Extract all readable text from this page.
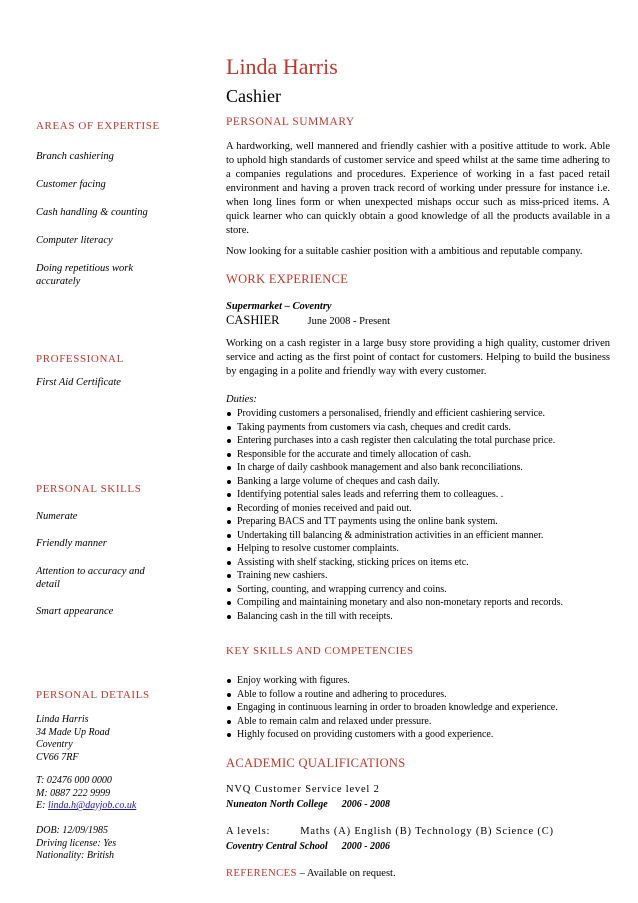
Linda Harris
Cashier
AREAS OF EXPERTISE
Branch cashiering
Customer facing
Cash handling & counting
Computer literacy
Doing repetitious work accurately
PROFESSIONAL
First Aid Certificate
PERSONAL SKILLS
Numerate
Friendly manner
Attention to accuracy and detail
Smart appearance
PERSONAL DETAILS
Linda Harris
34 Made Up Road
Coventry
CV66 7RF
T: 02476 000 0000
M: 0887 222 9999
E: linda.h@dayjob.co.uk
DOB: 12/09/1985
Driving license: Yes
Nationality: British
PERSONAL SUMMARY
A hardworking, well mannered and friendly cashier with a positive attitude to work. Able to uphold high standards of customer service and speed whilst at the same time adhering to a companies regulations and procedures. Experience of working in a fast paced retail environment and having a proven track record of working under pressure for instance i.e. when long lines form or when unexpected mishaps occur such as miss-priced items. A quick learner who can quickly obtain a good knowledge of all the products available in a store.
Now looking for a suitable cashier position with a ambitious and reputable company.
WORK EXPERIENCE
Supermarket – Coventry
CASHIER	June 2008 - Present
Working on a cash register in a large busy store providing a high quality, customer driven service and acting as the first point of contact for customers. Helping to build the business by engaging in a polite and friendly way with every customer.
Duties:
Providing customers a personalised, friendly and efficient cashiering service.
Taking payments from customers via cash, cheques and credit cards.
Entering purchases into a cash register then calculating the total purchase price.
Responsible for the accurate and timely allocation of cash.
In charge of daily cashbook management and also bank reconciliations.
Banking a large volume of cheques and cash daily.
Identifying potential sales leads and referring them to colleagues. .
Recording of monies received and paid out.
Preparing BACS and TT payments using the online bank system.
Undertaking till balancing & administration activities in an efficient manner.
Helping to resolve customer complaints.
Assisting with shelf stacking, sticking prices on items etc.
Training new cashiers.
Sorting, counting, and wrapping currency and coins.
Compiling and maintaining monetary and also non-monetary reports and records.
Balancing cash in the till with receipts.
KEY SKILLS AND COMPETENCIES
Enjoy working with figures.
Able to follow a routine and adhering to procedures.
Engaging in continuous learning in order to broaden knowledge and experience.
Able to remain calm and relaxed under pressure.
Highly focused on providing customers with a good experience.
ACADEMIC QUALIFICATIONS
NVQ Customer Service level 2
Nuneaton North College 2006 - 2008
A levels:	Maths (A) English (B) Technology (B) Science (C)
Coventry Central School 2000 - 2006
REFERENCES – Available on request.
